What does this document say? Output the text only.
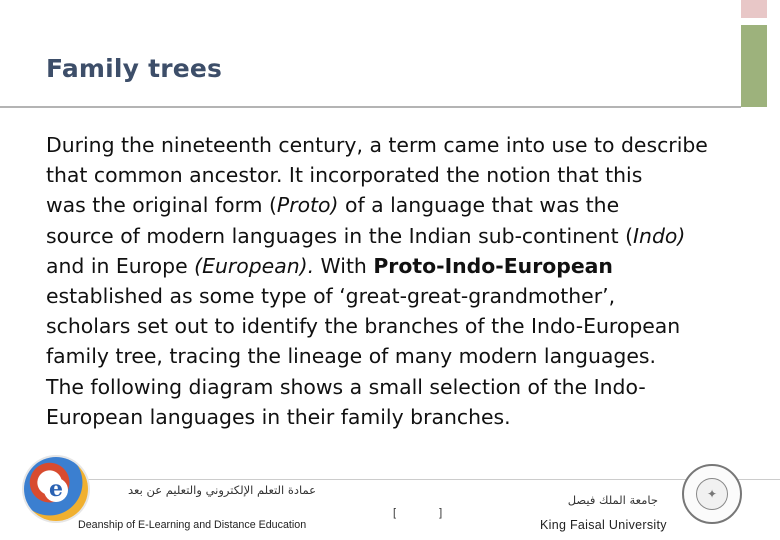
Family trees

During the nineteenth century, a term came into use to describe
that common ancestor. It incorporated the notion that this
was the original form (Proto) of a language that was the
source of modern languages in the Indian sub-continent (Indo)
and in Europe (European). With Proto-Indo-European
established as some type of ‘great-great-grandmother’,
scholars set out to identify the branches of the Indo-European
family tree, tracing the lineage of many modern languages.

The following diagram shows a small selection of the Indo-
European languages in their family branches.

e	عمادة التعلم الإلكتروني والتعليم عن بعد
Deanship of E-Learning and Distance Education
[ ]
جامعة الملك فيصل
King Faisal University
✦
